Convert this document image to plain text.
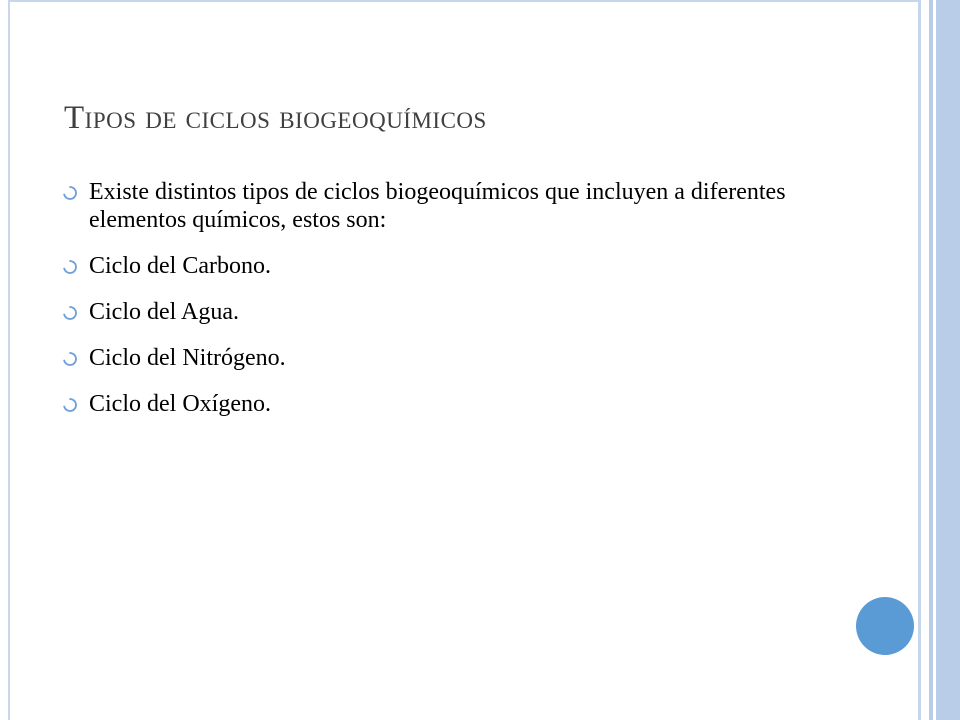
Tipos de ciclos biogeoquímicos
Existe distintos tipos de ciclos biogeoquímicos que incluyen a diferentes elementos químicos, estos son:
Ciclo del Carbono.
Ciclo del Agua.
Ciclo del Nitrógeno.
Ciclo del Oxígeno.
